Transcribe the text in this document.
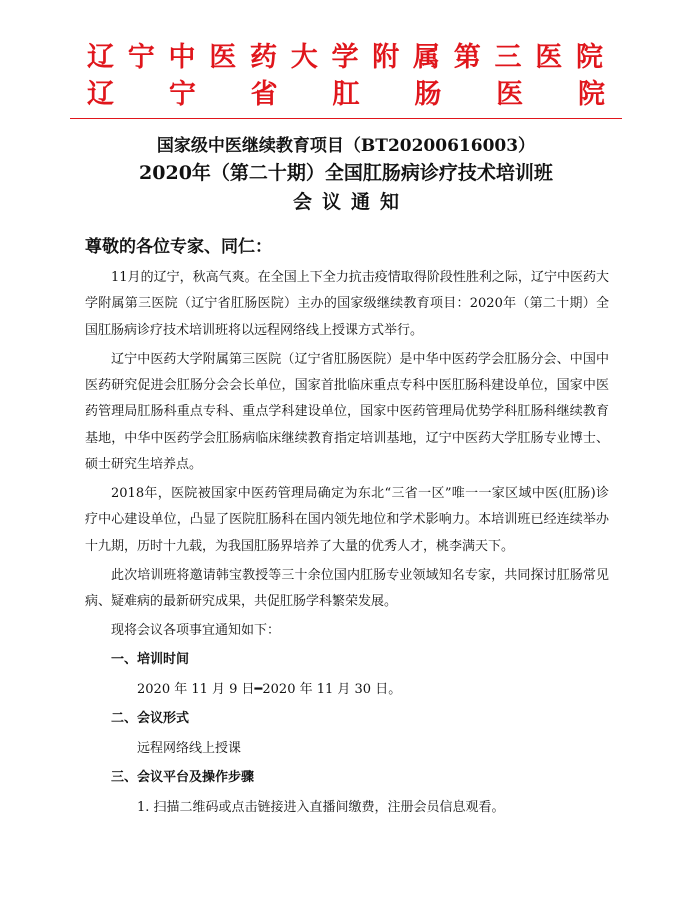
辽宁中医药大学附属第三医院
辽宁省肛肠医院
国家级中医继续教育项目（BT20200616003）
2020年（第二十期）全国肛肠病诊疗技术培训班
会议通知
尊敬的各位专家、同仁：

11月的辽宁，秋高气爽。在全国上下全力抗击疫情取得阶段性胜利之际，辽宁中医药大学附属第三医院（辽宁省肛肠医院）主办的国家级继续教育项目：2020年（第二十期）全国肛肠病诊疗技术培训班将以远程网络线上授课方式举行。

辽宁中医药大学附属第三医院（辽宁省肛肠医院）是中华中医药学会肛肠分会、中国中医药研究促进会肛肠分会会长单位，国家首批临床重点专科中医肛肠科建设单位，国家中医药管理局肛肠科重点专科、重点学科建设单位，国家中医药管理局优势学科肛肠科继续教育基地，中华中医药学会肛肠病临床继续教育指定培训基地，辽宁中医药大学肛肠专业博士、硕士研究生培养点。

2018年，医院被国家中医药管理局确定为东北“三省一区”唯一一家区域中医(肛肠)诊疗中心建设单位，凸显了医院肛肠科在国内领先地位和学术影响力。本培训班已经连续举办十九期，历时十九载，为我国肛肠界培养了大量的优秀人才，桃李满天下。

此次培训班将邀请韩宝教授等三十余位国内肛肠专业领域知名专家，共同探讨肛肠常见病、疑难病的最新研究成果，共促肛肠学科繁荣发展。

现将会议各项事宜通知如下：

一、培训时间
2020 年 11 月 9 日━2020 年 11 月 30 日。
二、会议形式
远程网络线上授课
三、会议平台及操作步骤
1. 扫描二维码或点击链接进入直播间缴费，注册会员信息观看。
